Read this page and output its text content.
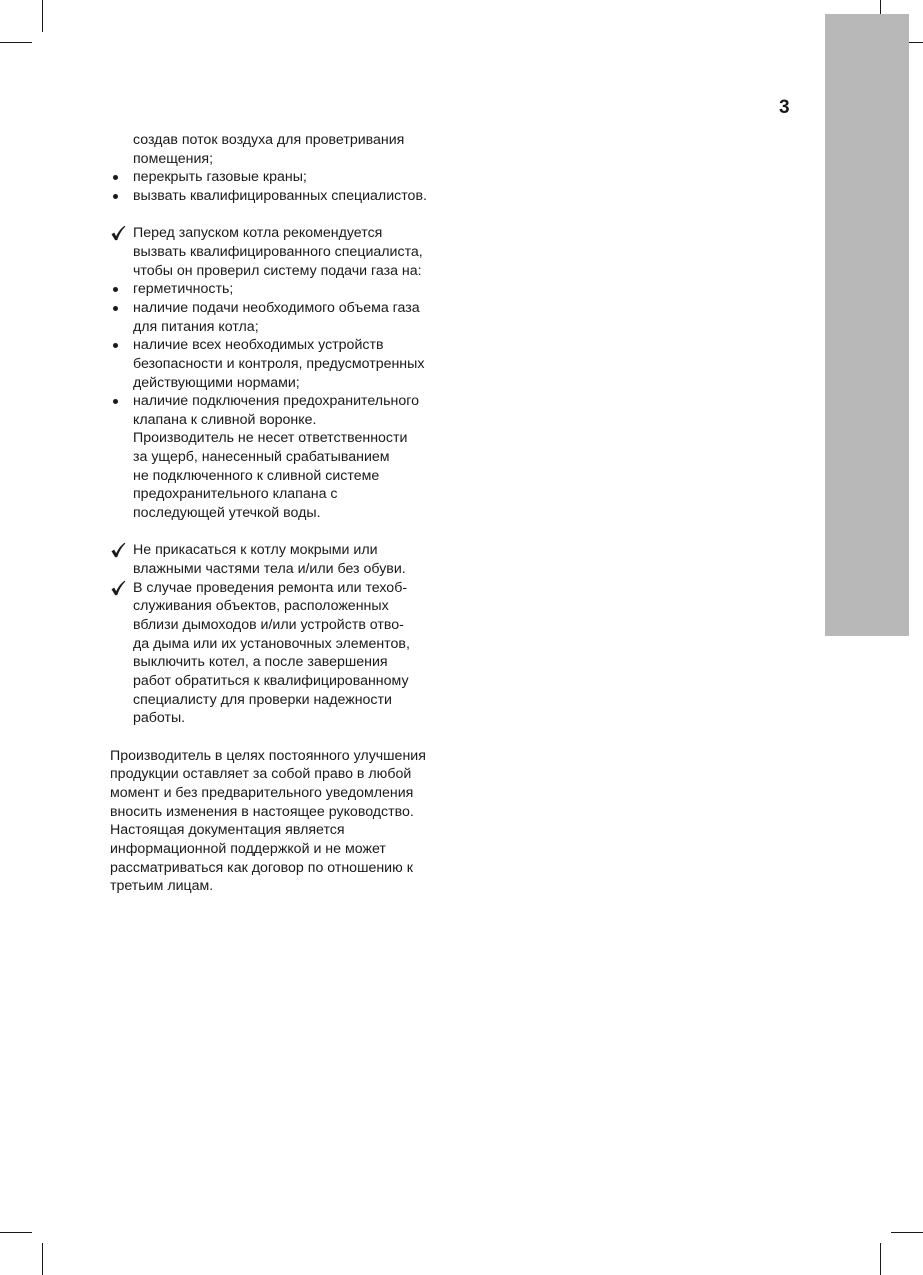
3
создав поток воздуха для проветривания
помещения;
перекрыть газовые краны;
вызвать квалифицированных специалистов.
Перед запуском котла рекомендуется
вызвать квалифицированного специалиста,
чтобы он проверил систему подачи газа на:
герметичность;
наличие подачи необходимого объема газа
для питания котла;
наличие всех необходимых устройств
безопасности и контроля, предусмотренных
действующими нормами;
наличие подключения предохранительного
клапана к сливной воронке.
Производитель не несет ответственности
за ущерб, нанесенный срабатыванием
не подключенного к сливной системе
предохранительного клапана с
последующей утечкой воды.
Не прикасаться к котлу мокрыми или
влажными частями тела и/или без обуви.
В случае проведения ремонта или техоб-
служивания объектов, расположенных
вблизи дымоходов и/или устройств отво-
да дыма или их установочных элементов,
выключить котел, а после завершения
работ обратиться к квалифицированному
специалисту для проверки надежности
работы.
Производитель в целях постоянного улучшения
продукции оставляет за собой право в любой
момент и без предварительного уведомления
вносить изменения в настоящее руководство.
Настоящая документация является
информационной поддержкой и не может
рассматриваться как договор по отношению к
третьим лицам.
